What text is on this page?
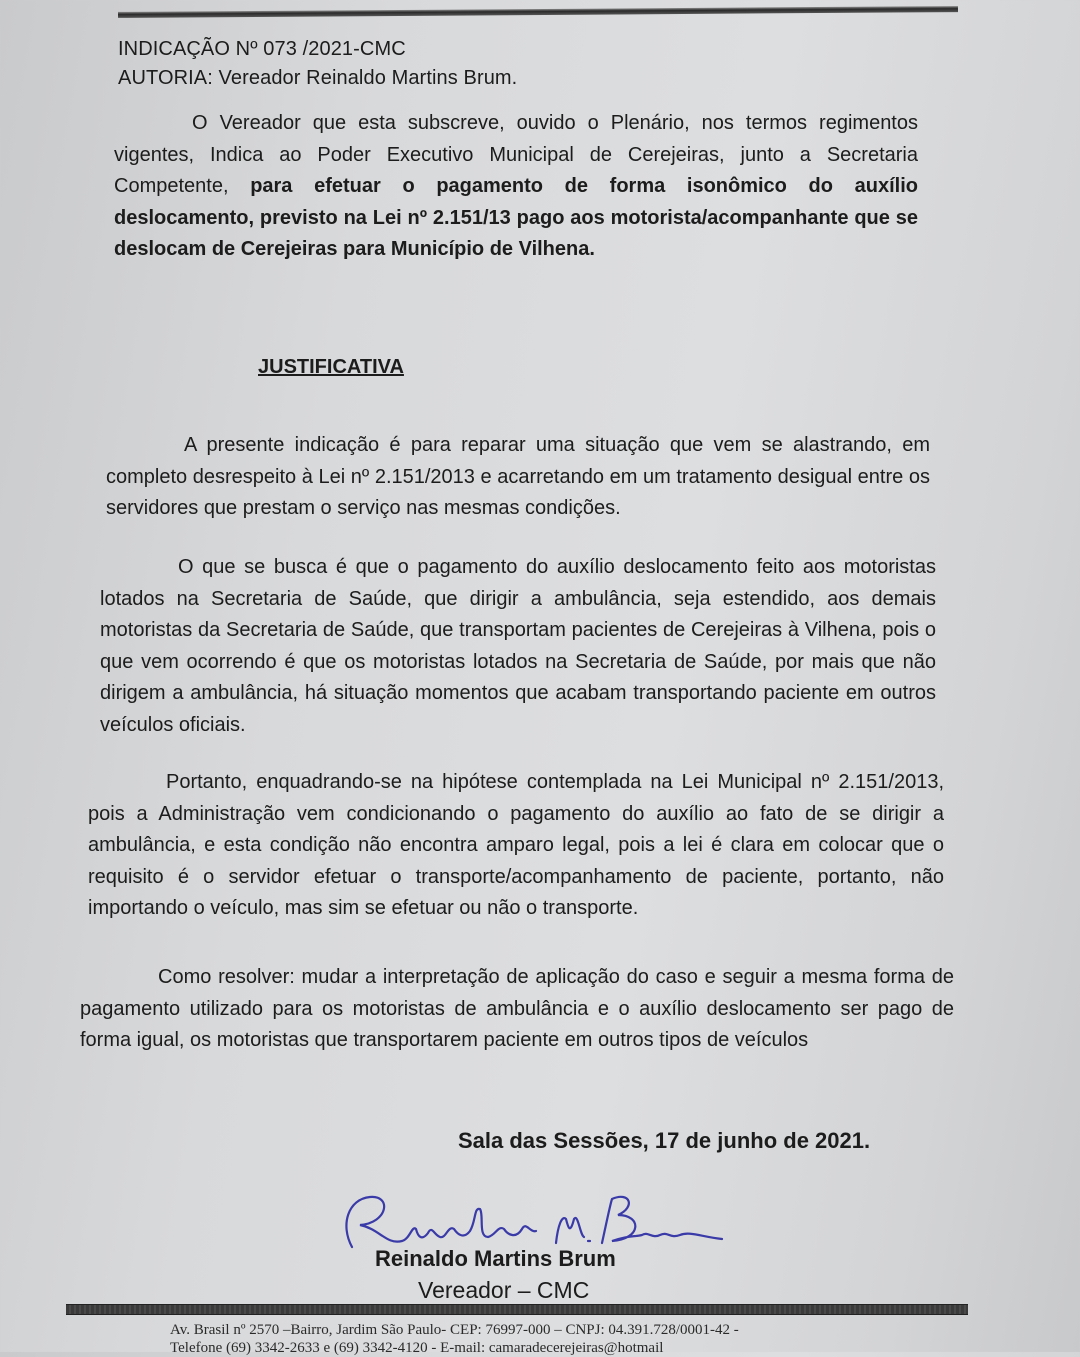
INDICAÇÃO Nº 073 /2021-CMC
AUTORIA: Vereador Reinaldo Martins Brum.
O Vereador que esta subscreve, ouvido o Plenário, nos termos regimentos vigentes, Indica ao Poder Executivo Municipal de Cerejeiras, junto a Secretaria Competente, para efetuar o pagamento de forma isonômico do auxílio deslocamento, previsto na Lei nº 2.151/13 pago aos motorista/acompanhante que se deslocam de Cerejeiras para Município de Vilhena.
JUSTIFICATIVA
A presente indicação é para reparar uma situação que vem se alastrando, em completo desrespeito à Lei nº 2.151/2013 e acarretando em um tratamento desigual entre os servidores que prestam o serviço nas mesmas condições.
O que se busca é que o pagamento do auxílio deslocamento feito aos motoristas lotados na Secretaria de Saúde, que dirigir a ambulância, seja estendido, aos demais motoristas da Secretaria de Saúde, que transportam pacientes de Cerejeiras à Vilhena, pois o que vem ocorrendo é que os motoristas lotados na Secretaria de Saúde, por mais que não dirigem a ambulância, há situação momentos que acabam transportando paciente em outros veículos oficiais.
Portanto, enquadrando-se na hipótese contemplada na Lei Municipal nº 2.151/2013, pois a Administração vem condicionando o pagamento do auxílio ao fato de se dirigir a ambulância, e esta condição não encontra amparo legal, pois a lei é clara em colocar que o requisito é o servidor efetuar o transporte/acompanhamento de paciente, portanto, não importando o veículo, mas sim se efetuar ou não o transporte.
Como resolver: mudar a interpretação de aplicação do caso e seguir a mesma forma de pagamento utilizado para os motoristas de ambulância e o auxílio deslocamento ser pago de forma igual, os motoristas que transportarem paciente em outros tipos de veículos
Sala das Sessões, 17 de junho de 2021.
Reinaldo Martins Brum
Vereador – CMC
Av. Brasil nº 2570 –Bairro, Jardim São Paulo- CEP: 76997-000 – CNPJ: 04.391.728/0001-42 -
Telefone (69) 3342-2633 e (69) 3342-4120 - E-mail: camaradecerejeiras@hotmail
